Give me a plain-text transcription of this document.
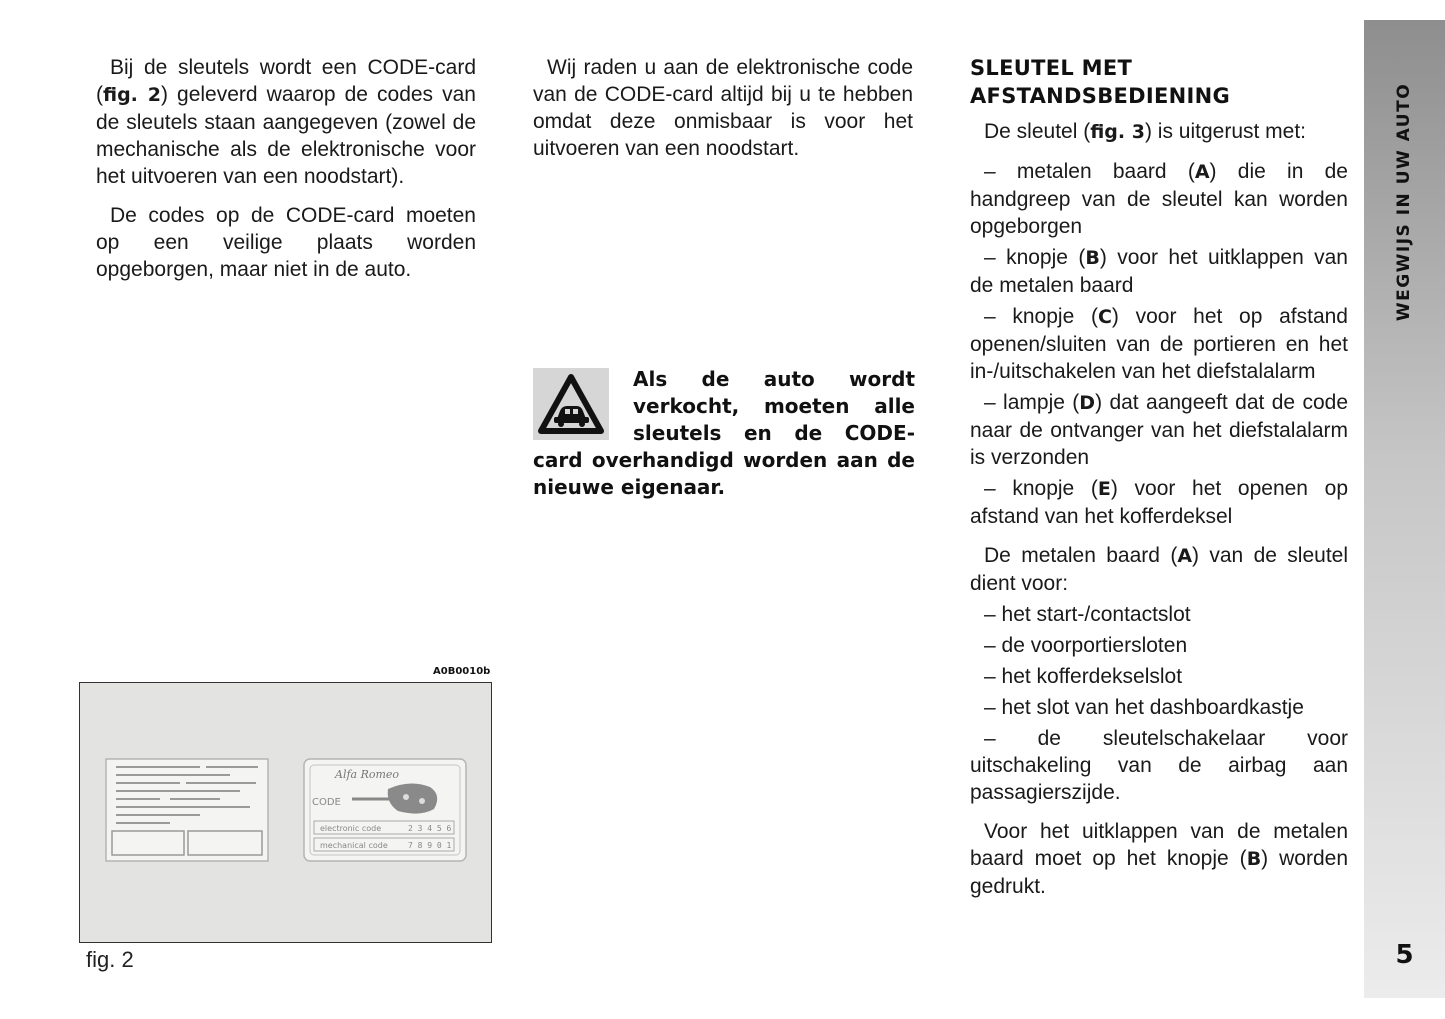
Bij de sleutels wordt een CODE-card (fig. 2) geleverd waarop de codes van de sleutels staan aangegeven (zowel de mechanische als de elektronische voor het uitvoeren van een noodstart).

De codes op de CODE-card moeten op een veilige plaats worden opgeborgen, maar niet in de auto.

Wij raden u aan de elektronische code van de CODE-card altijd bij u te hebben omdat deze onmisbaar is voor het uitvoeren van een noodstart.

Als de auto wordt verkocht, moeten alle sleutels en de CODE-card overhandigd worden aan de nieuwe eigenaar.

SLEUTEL MET AFSTANDSBEDIENING

De sleutel (fig. 3) is uitgerust met:

– metalen baard (A) die in de handgreep van de sleutel kan worden opgeborgen

– knopje (B) voor het uitklappen van de metalen baard

– knopje (C) voor het op afstand openen/sluiten van de portieren en het in-/uitschakelen van het diefstalalarm

– lampje (D) dat aangeeft dat de code naar de ontvanger van het diefstalalarm is verzonden

– knopje (E) voor het openen op afstand van het kofferdeksel

De metalen baard (A) van de sleutel dient voor:

– het start-/contactslot

– de voorportiersloten

– het kofferdekselslot

– het slot van het dashboardkastje

– de sleutelschakelaar voor uitschakeling van de airbag aan passagierszijde.

Voor het uitklappen van de metalen baard moet op het knopje (B) worden gedrukt.

A0B0010b
Alfa Romeo
CODE
electronic code	2 3 4 5 6
mechanical code	7 8 9 0 1
fig. 2
WEGWIJS IN UW AUTO
5
